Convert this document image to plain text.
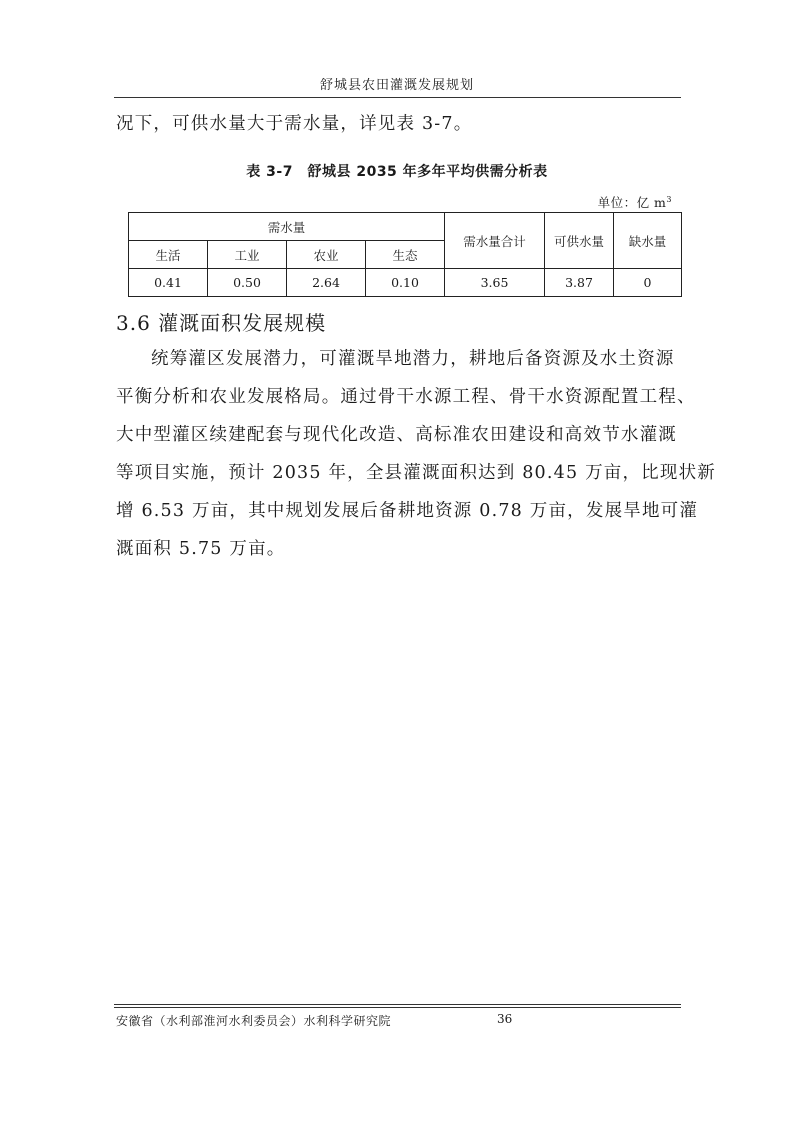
舒城县农田灌溉发展规划
况下，可供水量大于需水量，详见表 3-7。
表 3-7　舒城县 2035 年多年平均供需分析表
单位：亿 $m^3$
需水量				需水量合计	可供水量	缺水量
生活	工业	农业	生态			
0.41	0.50	2.64	0.10	3.65	3.87	0
3.6 灌溉面积发展规模
统筹灌区发展潜力，可灌溉旱地潜力，耕地后备资源及水土资源
平衡分析和农业发展格局。通过骨干水源工程、骨干水资源配置工程、
大中型灌区续建配套与现代化改造、高标准农田建设和高效节水灌溉
等项目实施，预计 2035 年，全县灌溉面积达到 80.45 万亩，比现状新
增 6.53 万亩，其中规划发展后备耕地资源 0.78 万亩，发展旱地可灌
溉面积 5.75 万亩。
安徽省（水利部淮河水利委员会）水利科学研究院	36
